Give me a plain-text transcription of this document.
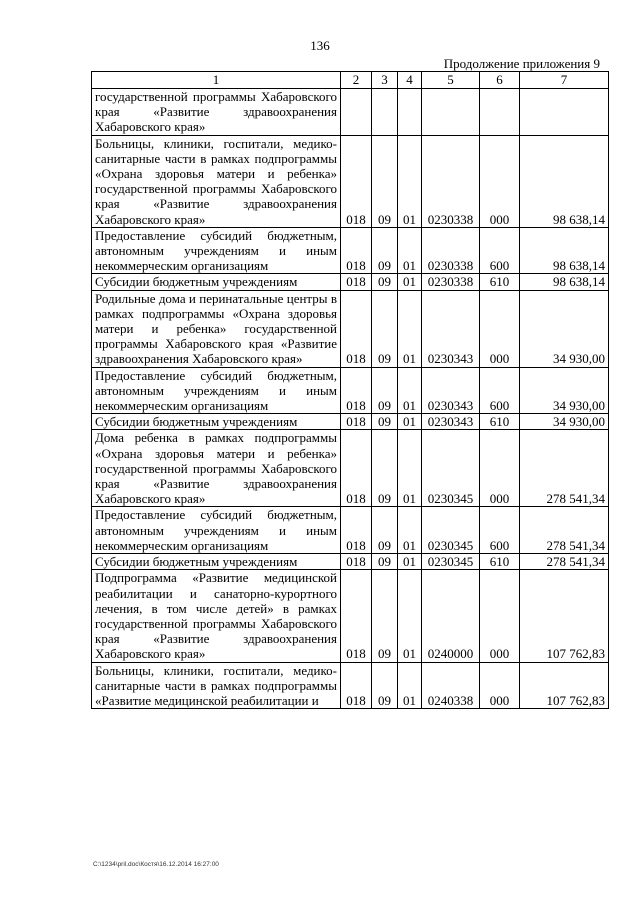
136
Продолжение приложения 9
1	2	3	4	5	6	7
государственной программы Хабаровского края «Развитие здравоохранения Хабаровского края»						
Больницы, клиники, госпитали, медико-санитарные части в рамках подпрограммы «Охрана здоровья матери и ребенка» государственной программы Хабаровского края «Развитие здравоохранения Хабаровского края»	018	09	01	0230338	000	98 638,14
Предоставление субсидий бюджетным, автономным учреждениям и иным некоммерческим организациям	018	09	01	0230338	600	98 638,14
Субсидии бюджетным учреждениям	018	09	01	0230338	610	98 638,14
Родильные дома и перинатальные центры в рамках подпрограммы «Охрана здоровья матери и ребенка» государственной программы Хабаровского края «Развитие здравоохранения Хабаровского края»	018	09	01	0230343	000	34 930,00
Предоставление субсидий бюджетным, автономным учреждениям и иным некоммерческим организациям	018	09	01	0230343	600	34 930,00
Субсидии бюджетным учреждениям	018	09	01	0230343	610	34 930,00
Дома ребенка в рамках подпрограммы «Охрана здоровья матери и ребенка» государственной программы Хабаровского края «Развитие здравоохранения Хабаровского края»	018	09	01	0230345	000	278 541,34
Предоставление субсидий бюджетным, автономным учреждениям и иным некоммерческим организациям	018	09	01	0230345	600	278 541,34
Субсидии бюджетным учреждениям	018	09	01	0230345	610	278 541,34
Подпрограмма «Развитие медицинской реабилитации и санаторно-курортного лечения, в том числе детей» в рамках государственной программы Хабаровского края «Развитие здравоохранения Хабаровского края»	018	09	01	0240000	000	107 762,83
Больницы, клиники, госпитали, медико-санитарные части в рамках подпрограммы «Развитие медицинской реабилитации и	018	09	01	0240338	000	107 762,83
C:\1234\pril.doc\Костя\16.12.2014 16:27:00
